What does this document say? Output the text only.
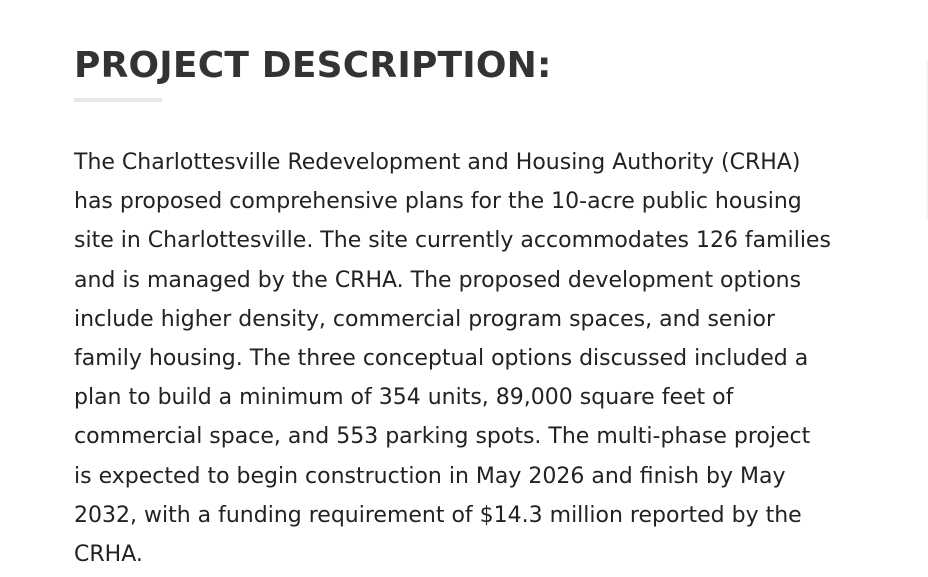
PROJECT DESCRIPTION:

The Charlottesville Redevelopment and Housing Authority (CRHA)
has proposed comprehensive plans for the 10-acre public housing
site in Charlottesville. The site currently accommodates 126 families
and is managed by the CRHA. The proposed development options
include higher density, commercial program spaces, and senior
family housing. The three conceptual options discussed included a
plan to build a minimum of 354 units, 89,000 square feet of
commercial space, and 553 parking spots. The multi-phase project
is expected to begin construction in May 2026 and finish by May
2032, with a funding requirement of $14.3 million reported by the
CRHA.
